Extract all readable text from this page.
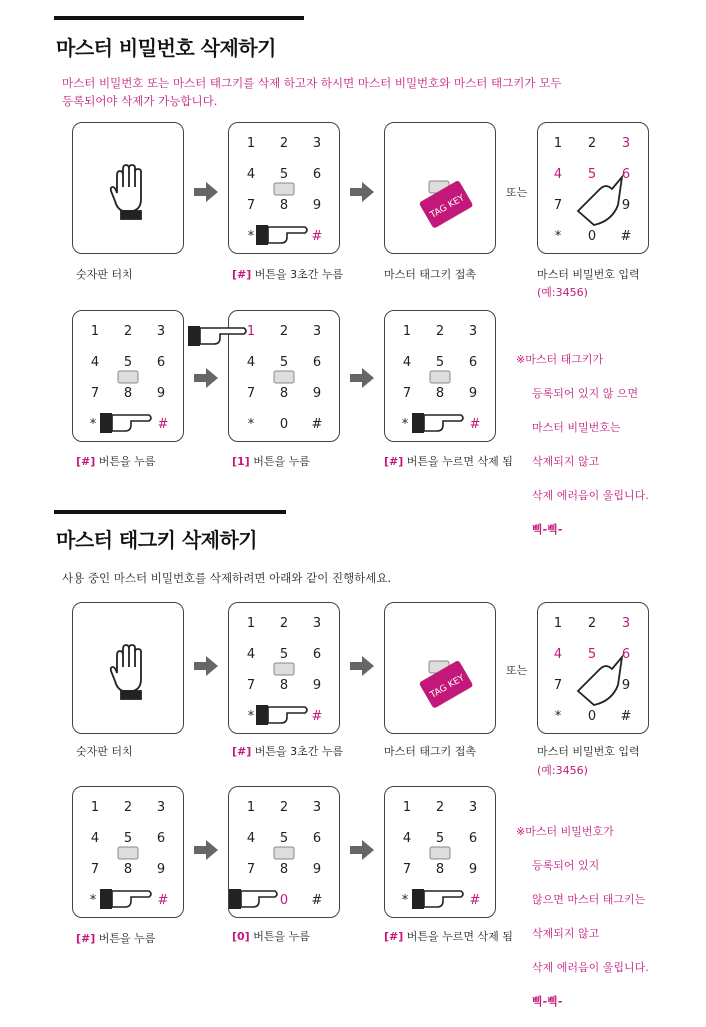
마스터 비밀번호 삭제하기
마스터 비밀번호 또는 마스터 태그키를 삭제 하고자 하시면 마스터 비밀번호와 마스터 태그키가 모두
등록되어야 삭제가 가능합니다.
1 2 3
4 5 6
7 8 9
*	#
TAG KEY
또는
1 2 3
4 5 6
7	9
* 0 #
숫자판 터치	[#] 버튼을 3초간 누름	마스터 태그키 접촉	마스터 비밀번호 입력
(예:3456)
1 2 3
4 5 6
7 8 9
*	#
1 2 3
4 5 6
7 8 9
* 0 #
1 2 3
4 5 6
7 8 9
*	#

※마스터 태그키가

등록되어 있지 않 으면

마스터 비밀번호는

삭제되지 않고

삭제 에러음이 울립니다.

삑-삑-

[#] 버튼을 누름	[1] 버튼을 누름	[#] 버튼을 누르면 삭제 됨
마스터 태그키 삭제하기
사용 중인 마스터 비밀번호를 삭제하려면 아래와 같이 진행하세요.
1 2 3
4 5 6
7 8 9
*	#
TAG KEY
또는
1 2 3
4 5 6
7	9
* 0 #
숫자판 터치	[#] 버튼을 3초간 누름	마스터 태그키 접촉	마스터 비밀번호 입력
(예:3456)
1 2 3
4 5 6
7 8 9
*	#
1 2 3
4 5 6
7 8 9
0 #
1 2 3
4 5 6
7 8 9
*	#

※마스터 비밀번호가

등록되어 있지

않으면 마스터 태그키는

삭제되지 않고

삭제 에러음이 울립니다.

삑-삑-

[#] 버튼을 누름	[0] 버튼을 누름	[#] 버튼을 누르면 삭제 됨
